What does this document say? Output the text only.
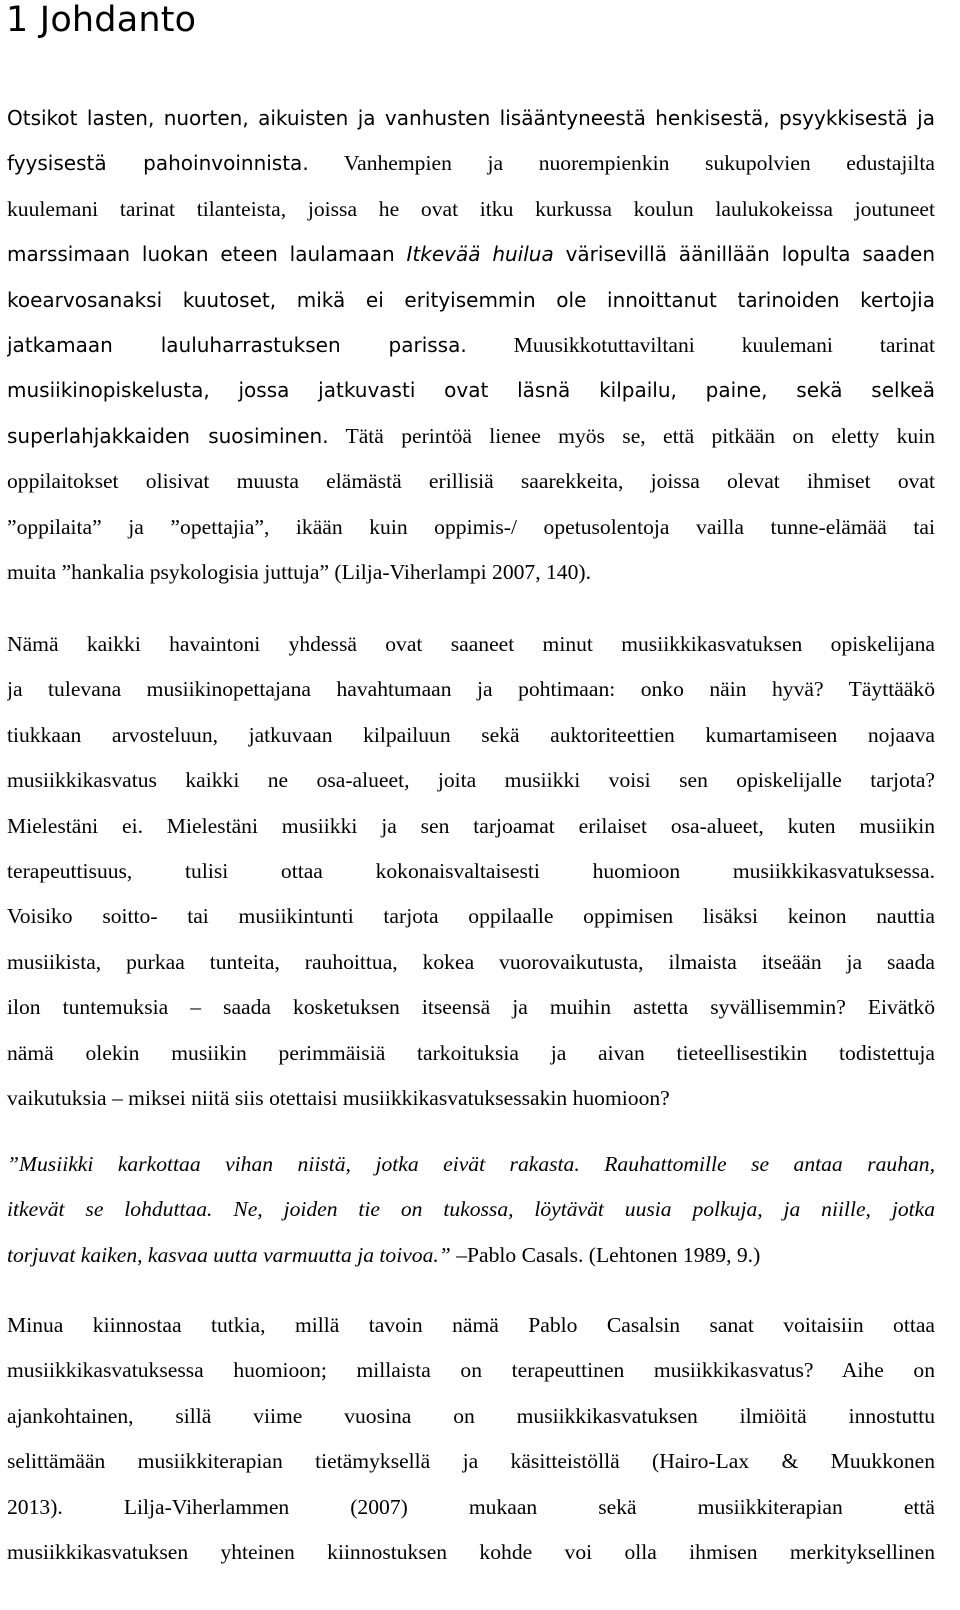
1 Johdanto
Otsikot lasten, nuorten, aikuisten ja vanhusten lisääntyneestä henkisestä, psyykkisestä ja
fyysisestä pahoinvoinnista. Vanhempien ja nuorempienkin sukupolvien edustajilta
kuulemani tarinat tilanteista, joissa he ovat itku kurkussa koulun laulukokeissa joutuneet
marssimaan luokan eteen laulamaan Itkevää huilua värisevillä äänillään lopulta saaden
koearvosanaksi kuutoset, mikä ei erityisemmin ole innoittanut tarinoiden kertojia
jatkamaan lauluharrastuksen parissa. Muusikkotuttaviltani kuulemani tarinat
musiikinopiskelusta, jossa jatkuvasti ovat läsnä kilpailu, paine, sekä selkeä
superlahjakkaiden suosiminen. Tätä perintöä lienee myös se, että pitkään on eletty kuin
oppilaitokset olisivat muusta elämästä erillisiä saarekkeita, joissa olevat ihmiset ovat
”oppilaita” ja ”opettajia”, ikään kuin oppimis-/ opetusolentoja vailla tunne-elämää tai
muita ”hankalia psykologisia juttuja” (Lilja-Viherlampi 2007, 140).
Nämä kaikki havaintoni yhdessä ovat saaneet minut musiikkikasvatuksen opiskelijana
ja tulevana musiikinopettajana havahtumaan ja pohtimaan: onko näin hyvä? Täyttääkö
tiukkaan arvosteluun, jatkuvaan kilpailuun sekä auktoriteettien kumartamiseen nojaava
musiikkikasvatus kaikki ne osa-alueet, joita musiikki voisi sen opiskelijalle tarjota?
Mielestäni ei. Mielestäni musiikki ja sen tarjoamat erilaiset osa-alueet, kuten musiikin
terapeuttisuus, tulisi ottaa kokonaisvaltaisesti huomioon musiikkikasvatuksessa.
Voisiko soitto- tai musiikintunti tarjota oppilaalle oppimisen lisäksi keinon nauttia
musiikista, purkaa tunteita, rauhoittua, kokea vuorovaikutusta, ilmaista itseään ja saada
ilon tuntemuksia – saada kosketuksen itseensä ja muihin astetta syvällisemmin? Eivätkö
nämä olekin musiikin perimmäisiä tarkoituksia ja aivan tieteellisestikin todistettuja
vaikutuksia – miksei niitä siis otettaisi musiikkikasvatuksessakin huomioon?
”Musiikki karkottaa vihan niistä, jotka eivät rakasta. Rauhattomille se antaa rauhan,
itkevät se lohduttaa. Ne, joiden tie on tukossa, löytävät uusia polkuja, ja niille, jotka
torjuvat kaiken, kasvaa uutta varmuutta ja toivoa.” –Pablo Casals. (Lehtonen 1989, 9.)
Minua kiinnostaa tutkia, millä tavoin nämä Pablo Casalsin sanat voitaisiin ottaa
musiikkikasvatuksessa huomioon; millaista on terapeuttinen musiikkikasvatus? Aihe on
ajankohtainen, sillä viime vuosina on musiikkikasvatuksen ilmiöitä innostuttu
selittämään musiikkiterapian tietämyksellä ja käsitteistöllä (Hairo-Lax & Muukkonen
2013). Lilja-Viherlammen (2007) mukaan sekä musiikkiterapian että
musiikkikasvatuksen yhteinen kiinnostuksen kohde voi olla ihmisen merkityksellinen
